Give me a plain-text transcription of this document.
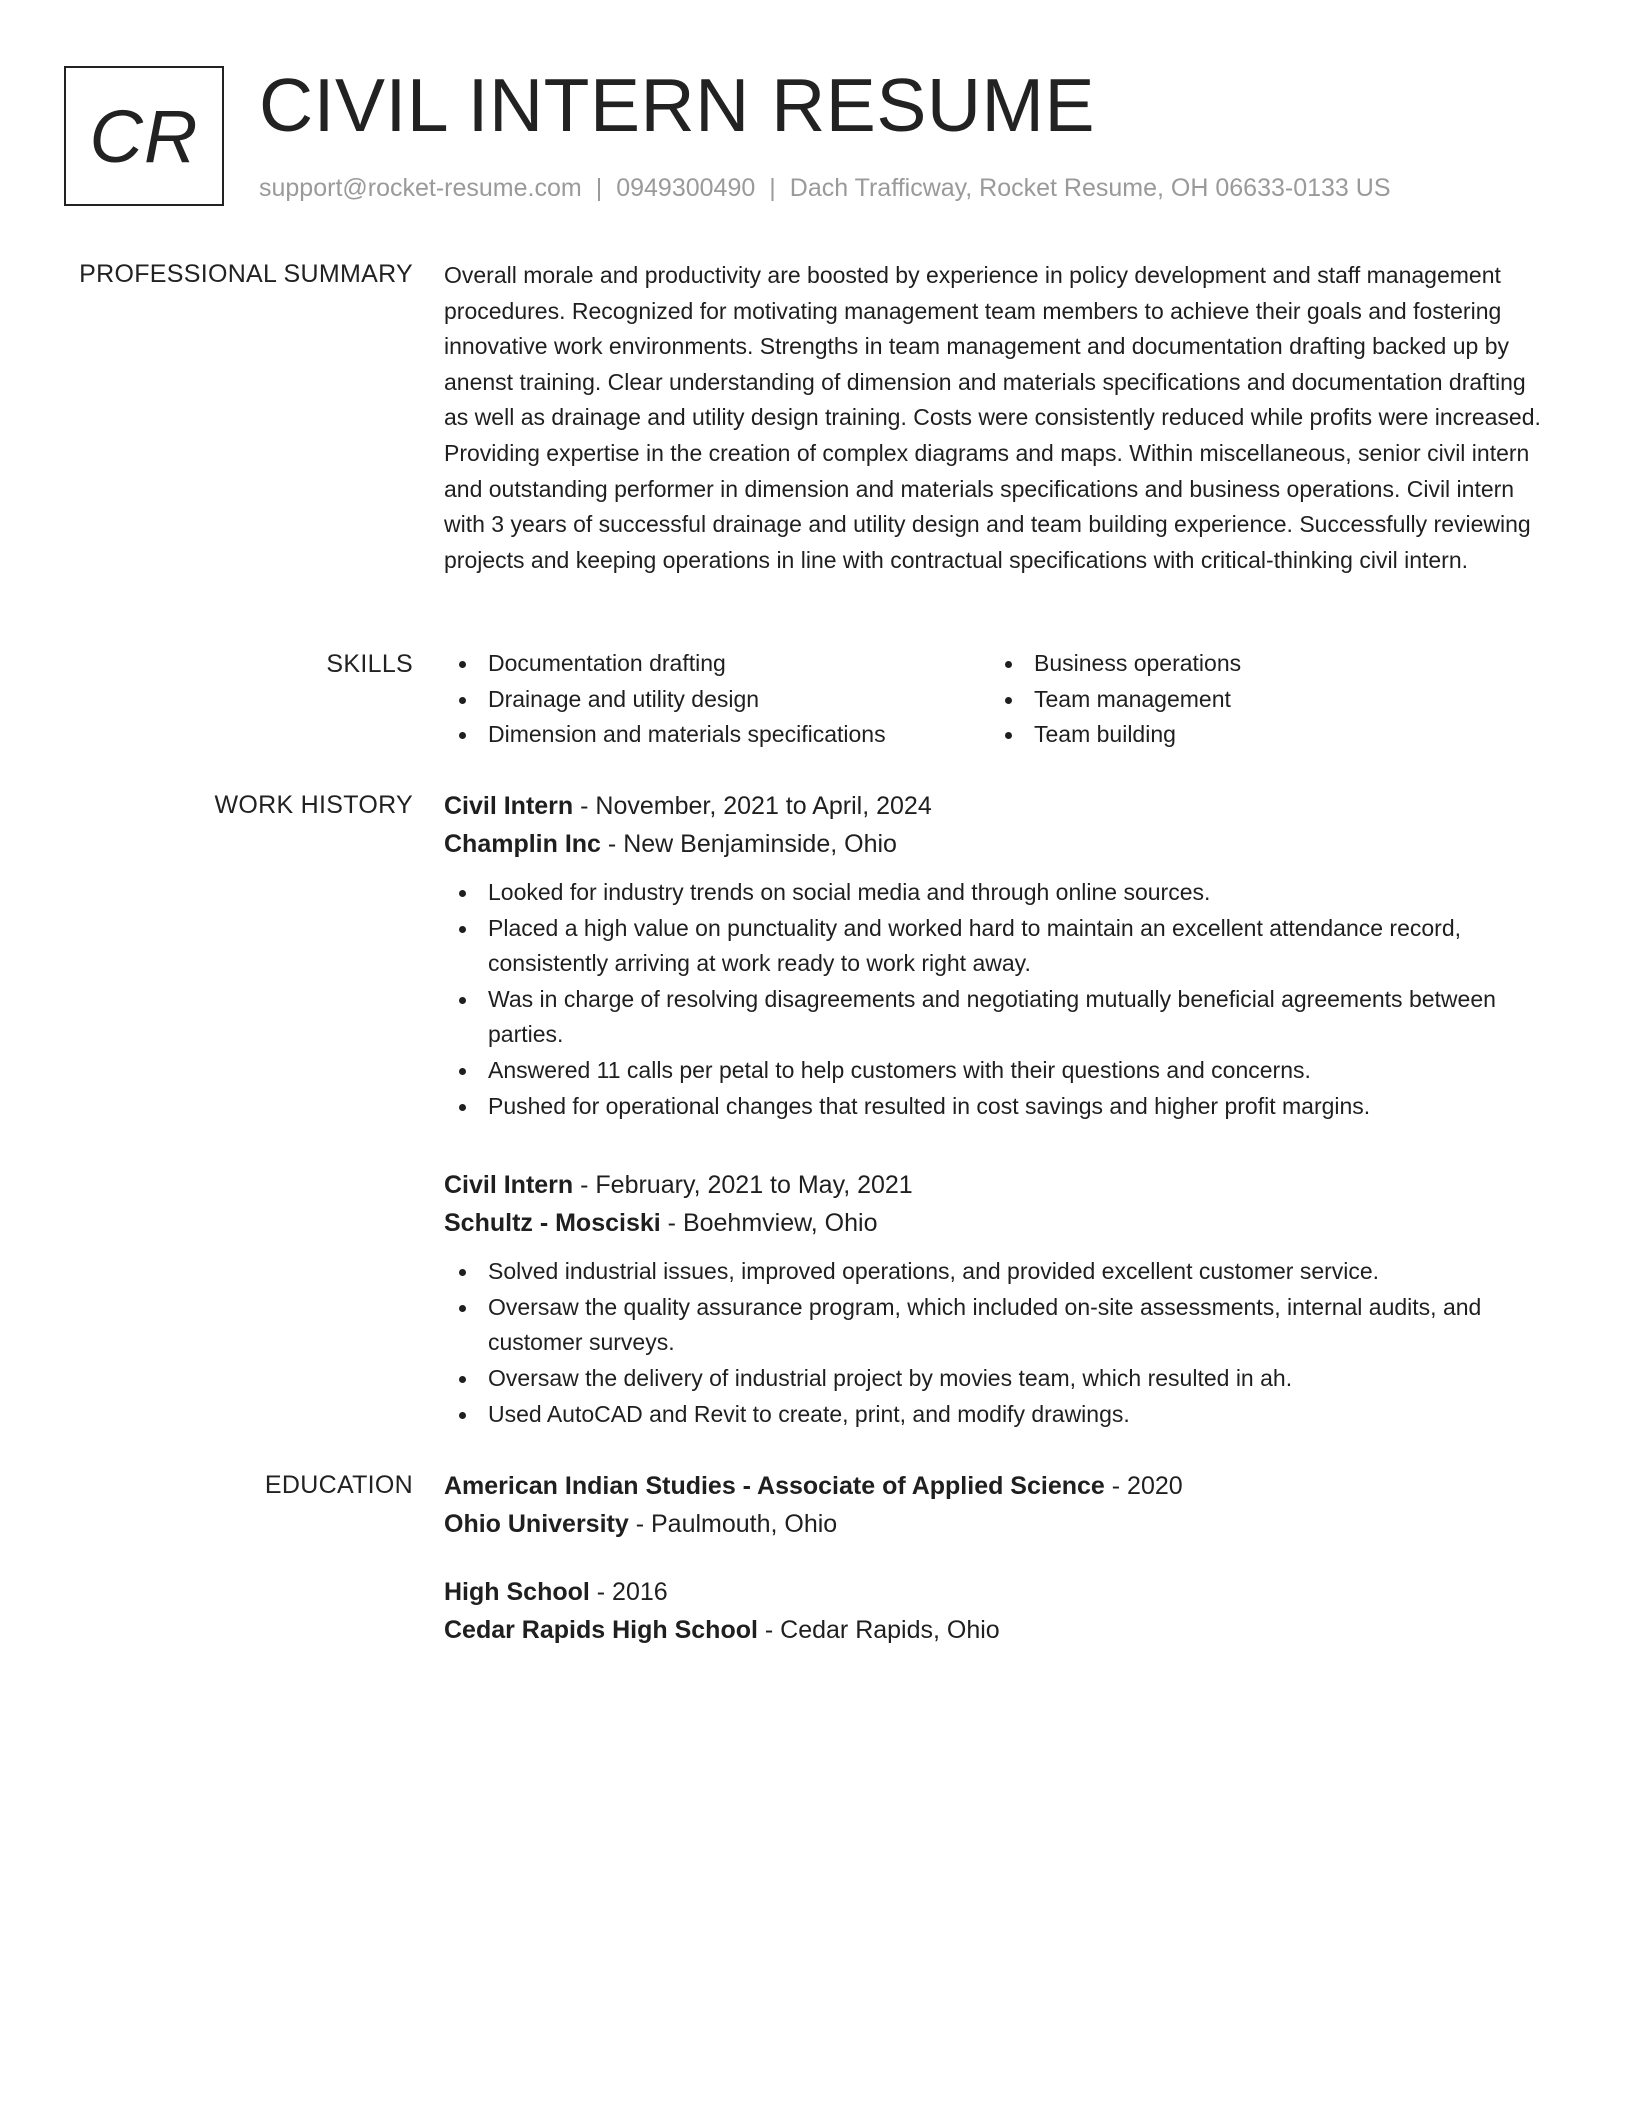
CR CIVIL INTERN RESUME
support@rocket-resume.com | 0949300490 | Dach Trafficway, Rocket Resume, OH 06633-0133 US
PROFESSIONAL SUMMARY Overall morale and productivity are boosted by experience in policy development and staff management procedures. Recognized for motivating management team members to achieve their goals and fostering innovative work environments. Strengths in team management and documentation drafting backed up by anenst training. Clear understanding of dimension and materials specifications and documentation drafting as well as drainage and utility design training. Costs were consistently reduced while profits were increased. Providing expertise in the creation of complex diagrams and maps. Within miscellaneous, senior civil intern and outstanding performer in dimension and materials specifications and business operations. Civil intern with 3 years of successful drainage and utility design and team building experience. Successfully reviewing projects and keeping operations in line with contractual specifications with critical-thinking civil intern.

SKILLS	Documentation drafting
Drainage and utility design
Dimension and materials specifications
Business operations
Team management
Team building
WORK HISTORY Civil Intern - November, 2021 to April, 2024
Champlin Inc - New Benjaminside, Ohio
Looked for industry trends on social media and through online sources.
Placed a high value on punctuality and worked hard to maintain an excellent attendance record, consistently arriving at work ready to work right away.
Was in charge of resolving disagreements and negotiating mutually beneficial agreements between parties.
Answered 11 calls per petal to help customers with their questions and concerns.
Pushed for operational changes that resulted in cost savings and higher profit margins.
Civil Intern - February, 2021 to May, 2021
Schultz - Mosciski - Boehmview, Ohio
Solved industrial issues, improved operations, and provided excellent customer service.
Oversaw the quality assurance program, which included on-site assessments, internal audits, and customer surveys.
Oversaw the delivery of industrial project by movies team, which resulted in ah.
Used AutoCAD and Revit to create, print, and modify drawings.
EDUCATION American Indian Studies - Associate of Applied Science - 2020
Ohio University - Paulmouth, Ohio
High School - 2016
Cedar Rapids High School - Cedar Rapids, Ohio
